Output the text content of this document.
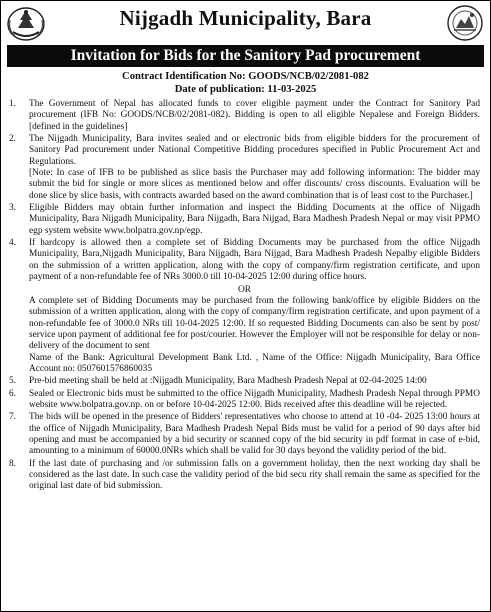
Nijgadh Municipality, Bara
Invitation for Bids for the Sanitory Pad procurement
Contract Identification No: GOODS/NCB/02/2081-082
Date of publication: 11-03-2025
1.	The Government of Nepal has allocated funds to cover eligible payment under the Contract for Sanitory Pad procurement (IFB No: GOODS/NCB/02/2081-082). Bidding is open to all eligible Nepalese and Foreign Bidders. [defined in the guidelines]
2.	The Nijgadh Municipality, Bara invites sealed and or electronic bids from eligible bidders for the procurement of Sanitory Pad procurement under National Competitive Bidding procedures specified in Public Procurement Act and Regulations.
[Note: In case of IFB to be published as slice basis the Purchaser may add following information: The bidder may submit the bid for single or more slices as mentioned below and offer discounts/ cross discounts. Evaluation will be done slice by slice basis, with contracts awarded based on the award combination that is of least cost to the Purchaser.]
3.	Eligible Bidders may obtain further information and inspect the Bidding Documents at the office of Nijgadh Municipality, Bara Nijgadh Municipality, Bara Nijgadh, Bara Nijgad, Bara Madhesh Pradesh Nepal or may visit PPMO egp system website www.bolpatra.gov.np/egp.
4.	If hardcopy is allowed then a complete set of Bidding Documents may be purchased from the office Nijgadh Municipality, Bara,Nijgadh Municipality, Bara Nijgadh, Bara Nijgad, Bara Madhesh Pradesh Nepalby eligible Bidders on the submission of a written application, along with the copy of company/firm registration certificate, and upon payment of a non-refundable fee of NRs 3000.0 till 10-04-2025 12:00 during office hours.
OR
A complete set of Bidding Documents may be purchased from the following bank/office by eligible Bidders on the submission of a written application, along with the copy of company/firm registration certificate, and upon payment of a non-refundable fee of 3000.0 NRs till 10-04-2025 12:00. If so requested Bidding Documents can also be sent by post/ service upon payment of additional fee for post/courier. However the Employer will not be responsible for delay or non-delivery of the document to sent
Name of the Bank: Agricultural Development Bank Ltd. , Name of the Office: Nijgadh Municipality, Bara Office Account no: 0507601576860035
5.	Pre-bid meeting shall be held at :Nijgadh Municipality, Bara Madhesh Pradesh Nepal at 02-04-2025 14:00
6.	Sealed or Electronic bids must be submitted to the office Nijgadh Municipality, Madhesh Pradesh Nepal through PPMO website www.bolpatra.gov.np. on or before 10-04-2025 12:00. Bids received after this deadline will be rejected.
7.	The bids will be opened in the presence of Bidders' representatives who choose to attend at 10 -04- 2025 13:00 hours at the office of Nijgadh Municipality, Bara Madhesh Pradesh Nepal Bids must be valid for a period of 90 days after bid opening and must be accompanied by a bid security or scanned copy of the bid security in pdf format in case of e-bid, amounting to a minimum of 60000.0NRs which shall be valid for 30 days beyond the validity period of the bid.
8.	If the last date of purchasing and /or submission falls on a government holiday, then the next working day shall be considered as the last date. In such case the validity period of the bid secu rity shall remain the same as specified for the original last date of bid submission.
